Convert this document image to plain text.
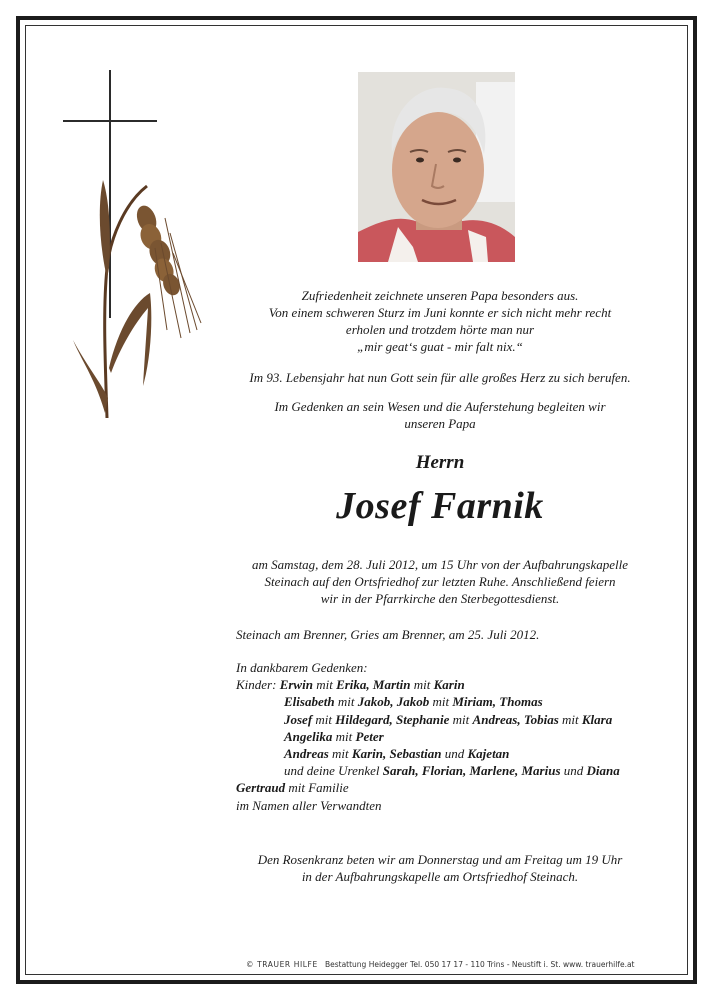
Zufriedenheit zeichnete unseren Papa besonders aus.
Von einem schweren Sturz im Juni konnte er sich nicht mehr recht
erholen und trotzdem hörte man nur
„mir geat‘s guat - mir falt nix.“
Im 93. Lebensjahr hat nun Gott sein für alle großes Herz zu sich berufen.
Im Gedenken an sein Wesen und die Auferstehung begleiten wir
unseren Papa
Herrn
Josef Farnik
am Samstag, dem 28. Juli 2012, um 15 Uhr von der Aufbahrungskapelle
Steinach auf den Ortsfriedhof zur letzten Ruhe. Anschließend feiern
wir in der Pfarrkirche den Sterbegottesdienst.
Steinach am Brenner, Gries am Brenner, am 25. Juli 2012.
In dankbarem Gedenken:
Kinder: Erwin mit Erika, Martin mit Karin
Elisabeth mit Jakob, Jakob mit Miriam, Thomas
Josef mit Hildegard, Stephanie mit Andreas, Tobias mit Klara
Angelika mit Peter
Andreas mit Karin, Sebastian und Kajetan
und deine Urenkel Sarah, Florian, Marlene, Marius und Diana
Gertraud mit Familie
im Namen aller Verwandten
Den Rosenkranz beten wir am Donnerstag und am Freitag um 19 Uhr
in der Aufbahrungskapelle am Ortsfriedhof Steinach.
© TRAUER HILFE Bestattung Heidegger Tel. 050 17 17 - 110 Trins - Neustift i. St. www. trauerhilfe.at
